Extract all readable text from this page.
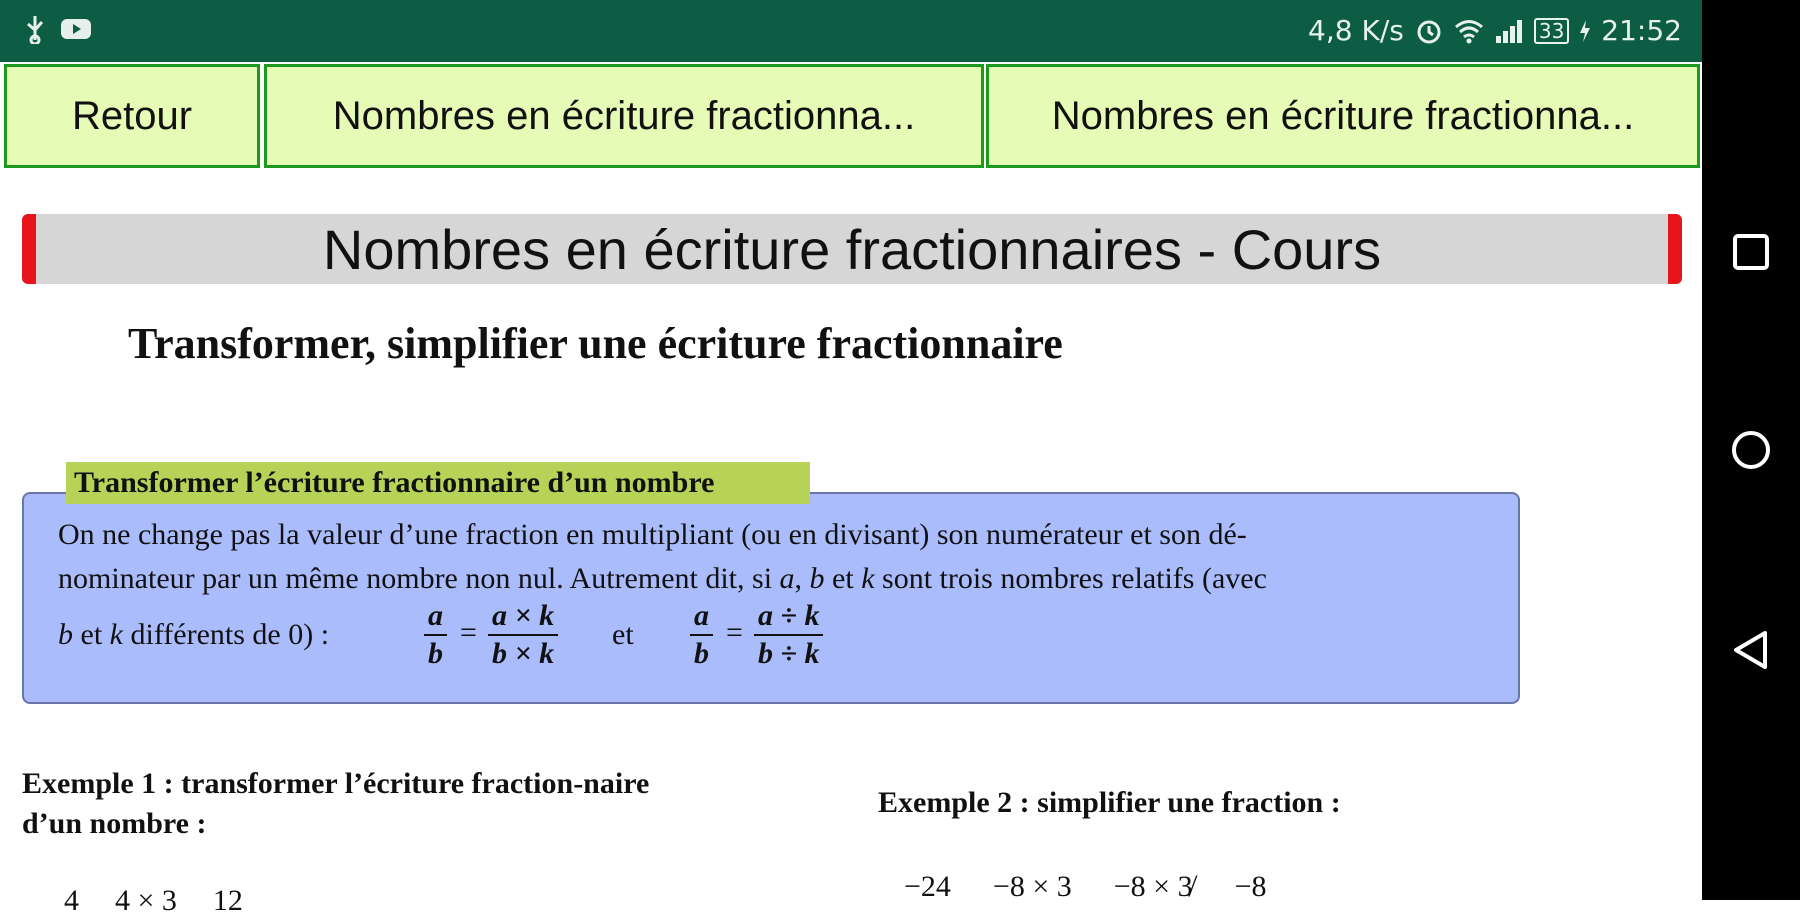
4,8 K/s	33 21:52
Retour	Nombres en écriture fractionna...	Nombres en écriture fractionna...
Nombres en écriture fractionnaires - Cours
Transformer, simplifier une écriture fractionnaire
On ne change pas la valeur d’une fraction en multipliant (ou en divisant) son numérateur et son dé-
nominateur par un même nombre non nul. Autrement dit, si a, b et k sont trois nombres relatifs (avec
b et k différents de 0) :
a
b
=
a × k
b × k
et
a
b
=
a ÷ k
b ÷ k
Transformer l’écriture fractionnaire d’un nombre
Exemple 1 : transformer l’écriture fraction-naire d’un nombre :
4 4 × 3 12
Exemple 2 : simplifier une fraction :
−24 −8 × 3 −8 × 3̸ −8
